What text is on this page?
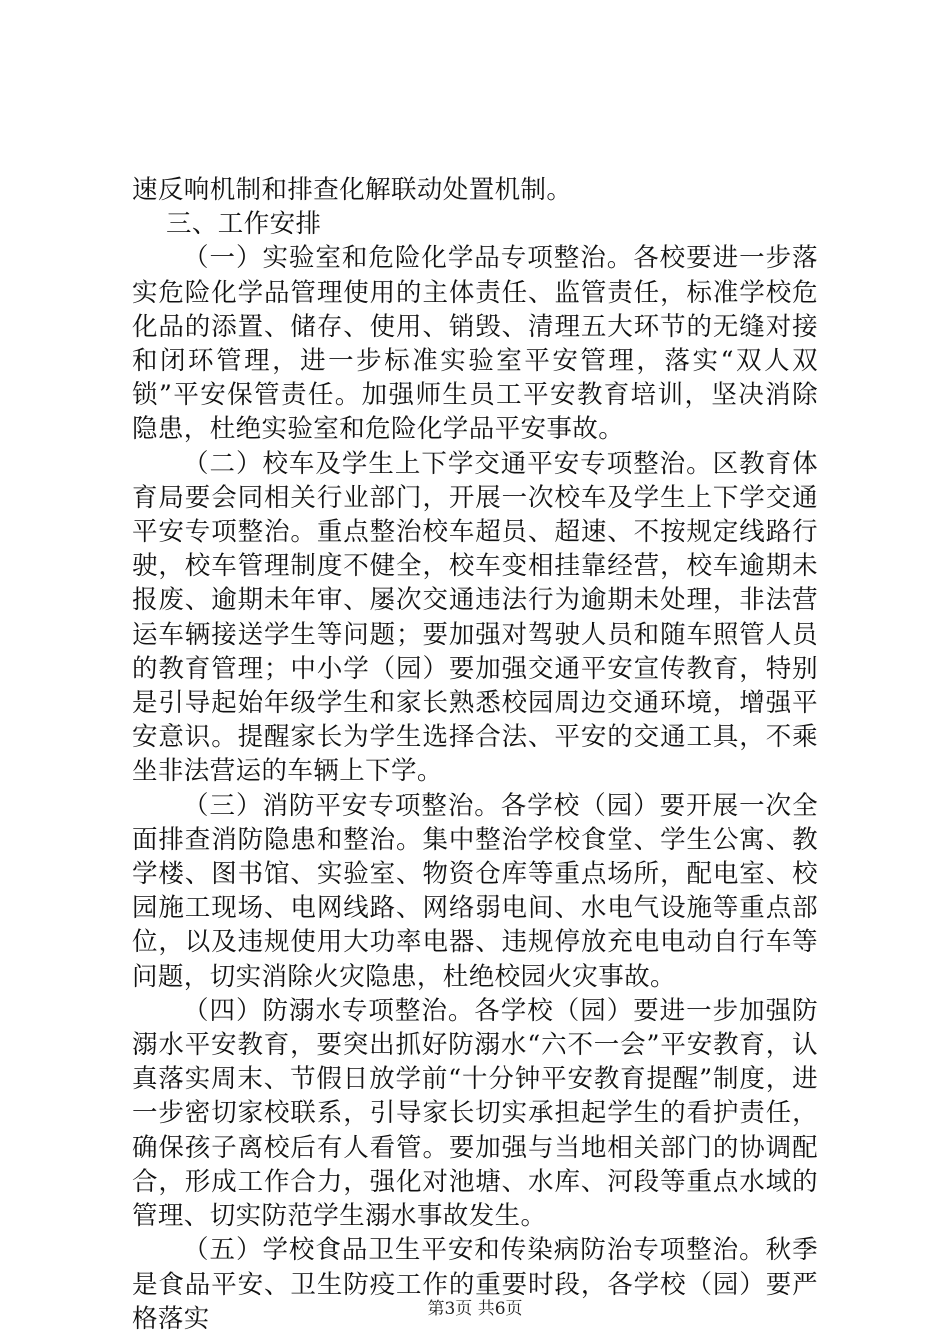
速反响机制和排查化解联动处置机制。

三、工作安排

（一）实验室和危险化学品专项整治。各校要进一步落实危险化学品管理使用的主体责任、监管责任，标准学校危化品的添置、储存、使用、销毁、清理五大环节的无缝对接和闭环管理，进一步标准实验室平安管理，落实“双人双锁”平安保管责任。加强师生员工平安教育培训，坚决消除隐患，杜绝实验室和危险化学品平安事故。

（二）校车及学生上下学交通平安专项整治。区教育体育局要会同相关行业部门，开展一次校车及学生上下学交通平安专项整治。重点整治校车超员、超速、不按规定线路行驶，校车管理制度不健全，校车变相挂靠经营，校车逾期未报废、逾期未年审、屡次交通违法行为逾期未处理，非法营运车辆接送学生等问题；要加强对驾驶人员和随车照管人员的教育管理；中小学（园）要加强交通平安宣传教育，特别是引导起始年级学生和家长熟悉校园周边交通环境，增强平安意识。提醒家长为学生选择合法、平安的交通工具，不乘坐非法营运的车辆上下学。

（三）消防平安专项整治。各学校（园）要开展一次全面排查消防隐患和整治。集中整治学校食堂、学生公寓、教学楼、图书馆、实验室、物资仓库等重点场所，配电室、校园施工现场、电网线路、网络弱电间、水电气设施等重点部位，以及违规使用大功率电器、违规停放充电电动自行车等问题，切实消除火灾隐患，杜绝校园火灾事故。

（四）防溺水专项整治。各学校（园）要进一步加强防溺水平安教育，要突出抓好防溺水“六不一会”平安教育，认真落实周末、节假日放学前“十分钟平安教育提醒”制度，进一步密切家校联系，引导家长切实承担起学生的看护责任，确保孩子离校后有人看管。要加强与当地相关部门的协调配合，形成工作合力，强化对池塘、水库、河段等重点水域的管理、切实防范学生溺水事故发生。

（五）学校食品卫生平安和传染病防治专项整治。秋季是食品平安、卫生防疫工作的重要时段，各学校（园）要严格落实	第3页 共6页
